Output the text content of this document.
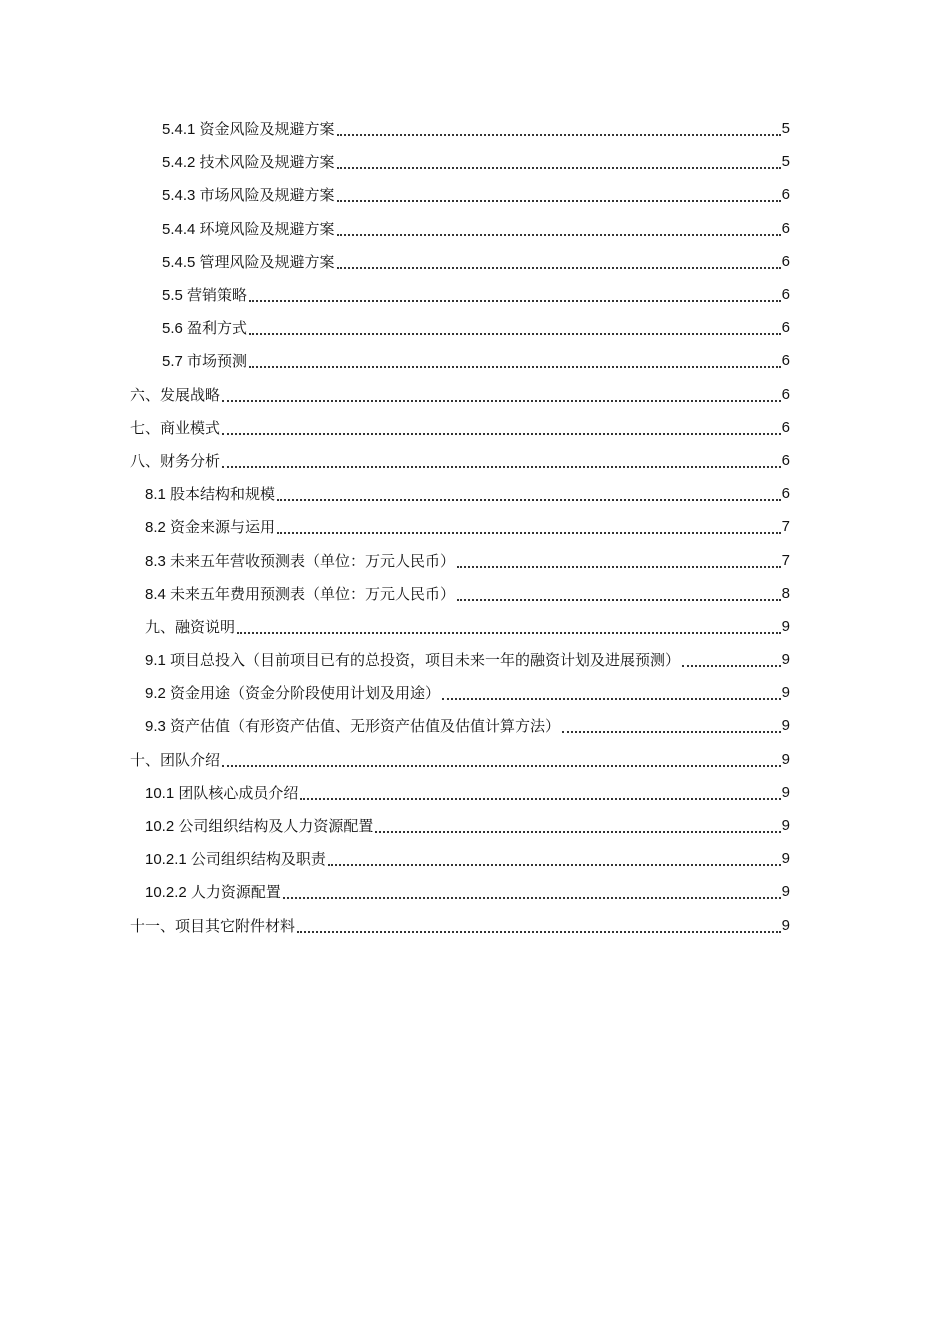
5.4.1 资金风险及规避方案	5
5.4.2 技术风险及规避方案	5
5.4.3 市场风险及规避方案	6
5.4.4 环境风险及规避方案	6
5.4.5 管理风险及规避方案	6
5.5 营销策略	6
5.6 盈利方式	6
5.7 市场预测	6
六、发展战略	6
七、商业模式	6
八、财务分析	6
8.1 股本结构和规模	6
8.2 资金来源与运用	7
8.3 未来五年营收预测表（单位：万元人民币）	7
8.4 未来五年费用预测表（单位：万元人民币）	8
九、融资说明	9
9.1 项目总投入（目前项目已有的总投资，项目未来一年的融资计划及进展预测）	9
9.2 资金用途（资金分阶段使用计划及用途）	9
9.3 资产估值（有形资产估值、无形资产估值及估值计算方法）	9
十、团队介绍	9
10.1 团队核心成员介绍	9
10.2 公司组织结构及人力资源配置	9
10.2.1 公司组织结构及职责	9
10.2.2 人力资源配置	9
十一、项目其它附件材料	9
